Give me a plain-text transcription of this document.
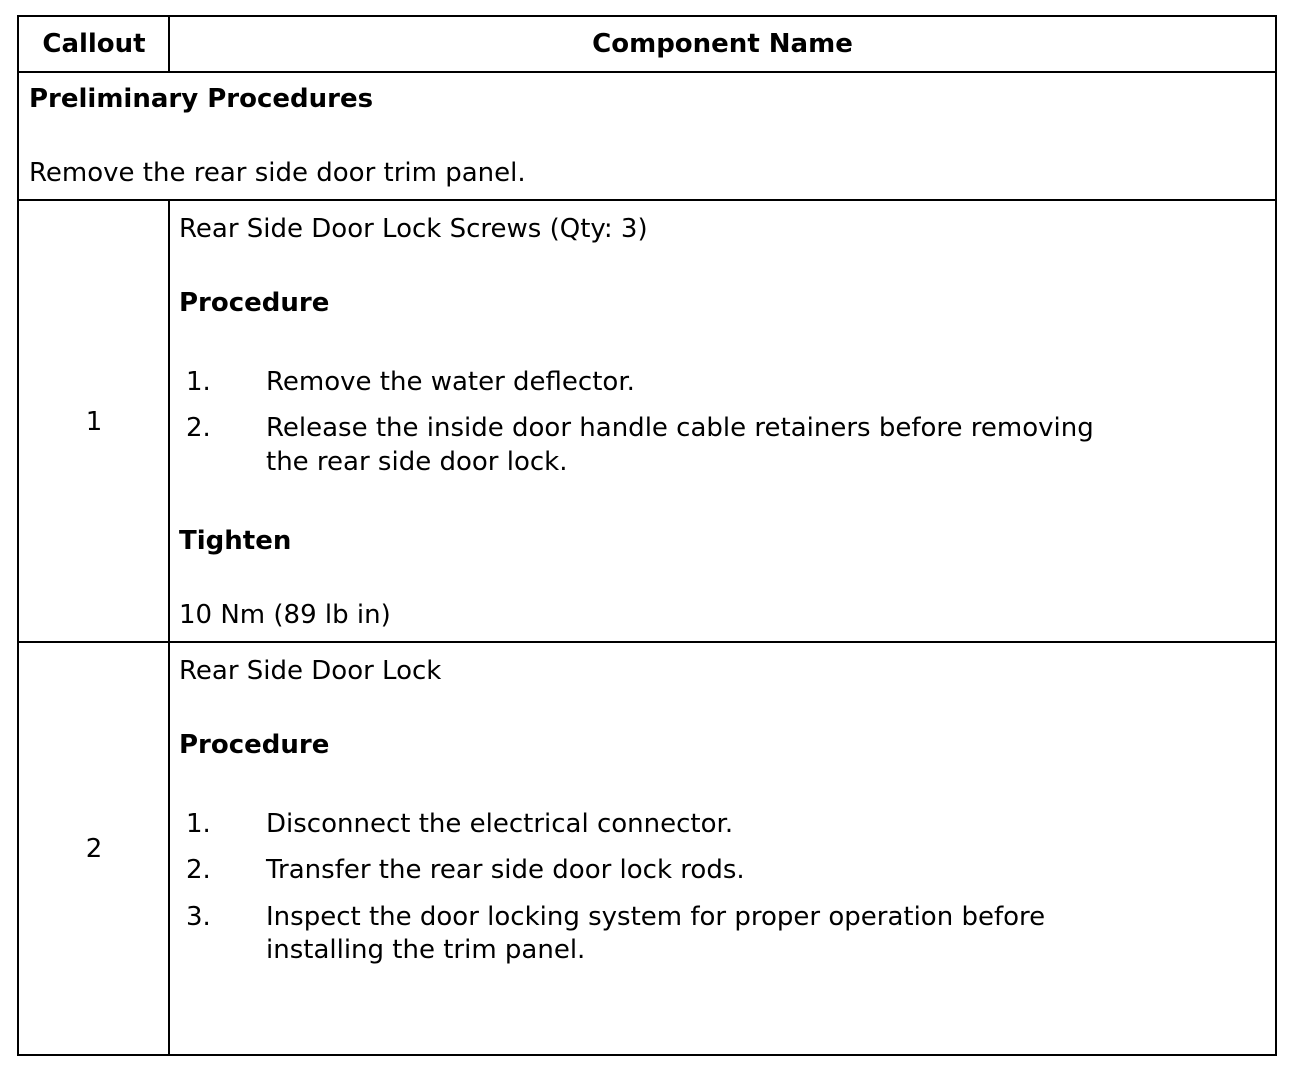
Callout	Component Name
Preliminary Procedures
Remove the rear side door trim panel.
1
Rear Side Door Lock Screws (Qty: 3)
Procedure
1. Remove the water deflector.
2. Release the inside door handle cable retainers before removing
the rear side door lock.
Tighten
10 Nm (89 lb in)
2
Rear Side Door Lock
Procedure
1. Disconnect the electrical connector.
2. Transfer the rear side door lock rods.
3. Inspect the door locking system for proper operation before
installing the trim panel.
